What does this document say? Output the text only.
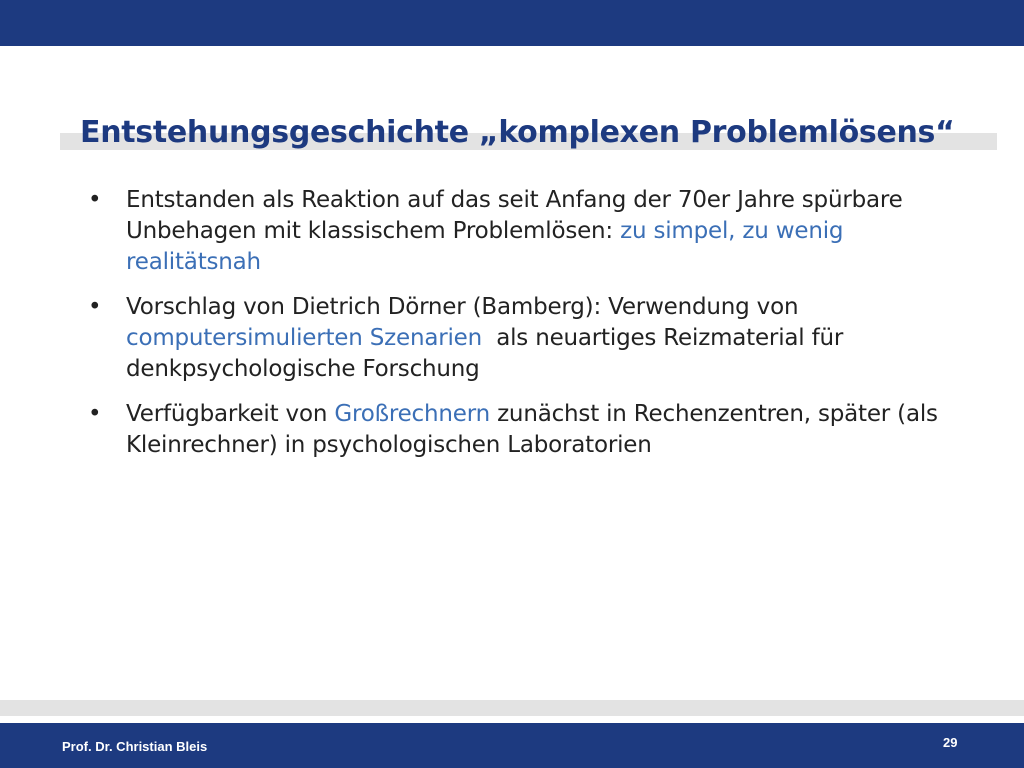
Entstehungsgeschichte „komplexen Problemlösens“
• Entstanden als Reaktion auf das seit Anfang der 70er Jahre spürbare Unbehagen mit klassischem Problemlösen: zu simpel, zu wenig realitätsnah
• Vorschlag von Dietrich Dörner (Bamberg): Verwendung von computersimulierten Szenarien  als neuartiges Reizmaterial für denkpsychologische Forschung
• Verfügbarkeit von Großrechnern zunächst in Rechenzentren, später (als Kleinrechner) in psychologischen Laboratorien
Prof. Dr. Christian Bleis	29
